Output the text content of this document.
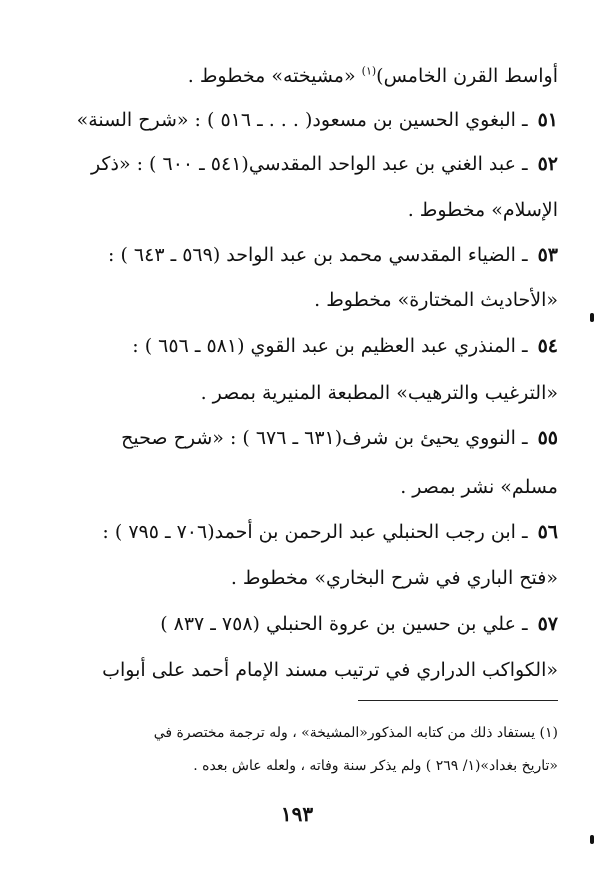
أواسط القرن الخامس)$^{(١)}$ «مشيخته» مخطوط .
٥١ ـ البغوي الحسين بن مسعود( . . . ـ ٥١٦ ) : «شرح السنة»
٥٢ ـ عبد الغني بن عبد الواحد المقدسي(٥٤١ ـ ٦٠٠ ) : «ذكر
الإسلام» مخطوط .
٥٣ ـ الضياء المقدسي محمد بن عبد الواحد (٥٦٩ ـ ٦٤٣ ) :
«الأحاديث المختارة» مخطوط .
٥٤ ـ المنذري عبد العظيم بن عبد القوي (٥٨١ ـ ٦٥٦ ) :
«الترغيب والترهيب» المطبعة المنيرية بمصر .
٥٥ ـ النووي يحيئ بن شرف(٦٣١ ـ ٦٧٦ ) : «شرح صحيح
مسلم» نشر بمصر .
٥٦ ـ ابن رجب الحنبلي عبد الرحمن بن أحمد(٧٠٦ ـ ٧٩٥ ) :
«فتح الباري في شرح البخاري» مخطوط .
٥٧ ـ علي بن حسين بن عروة الحنبلي (٧٥٨ ـ ٨٣٧ )
«الكواكب الدراري في ترتيب مسند الإمام أحمد على أبواب
(١) يستفاد ذلك من كتابه المذكور«المشيخة» ، وله ترجمة مختصرة في
«تاريخ بغداد»(١/ ٢٦٩ ) ولم يذكر سنة وفاته ، ولعله عاش بعده .
١٩٣
